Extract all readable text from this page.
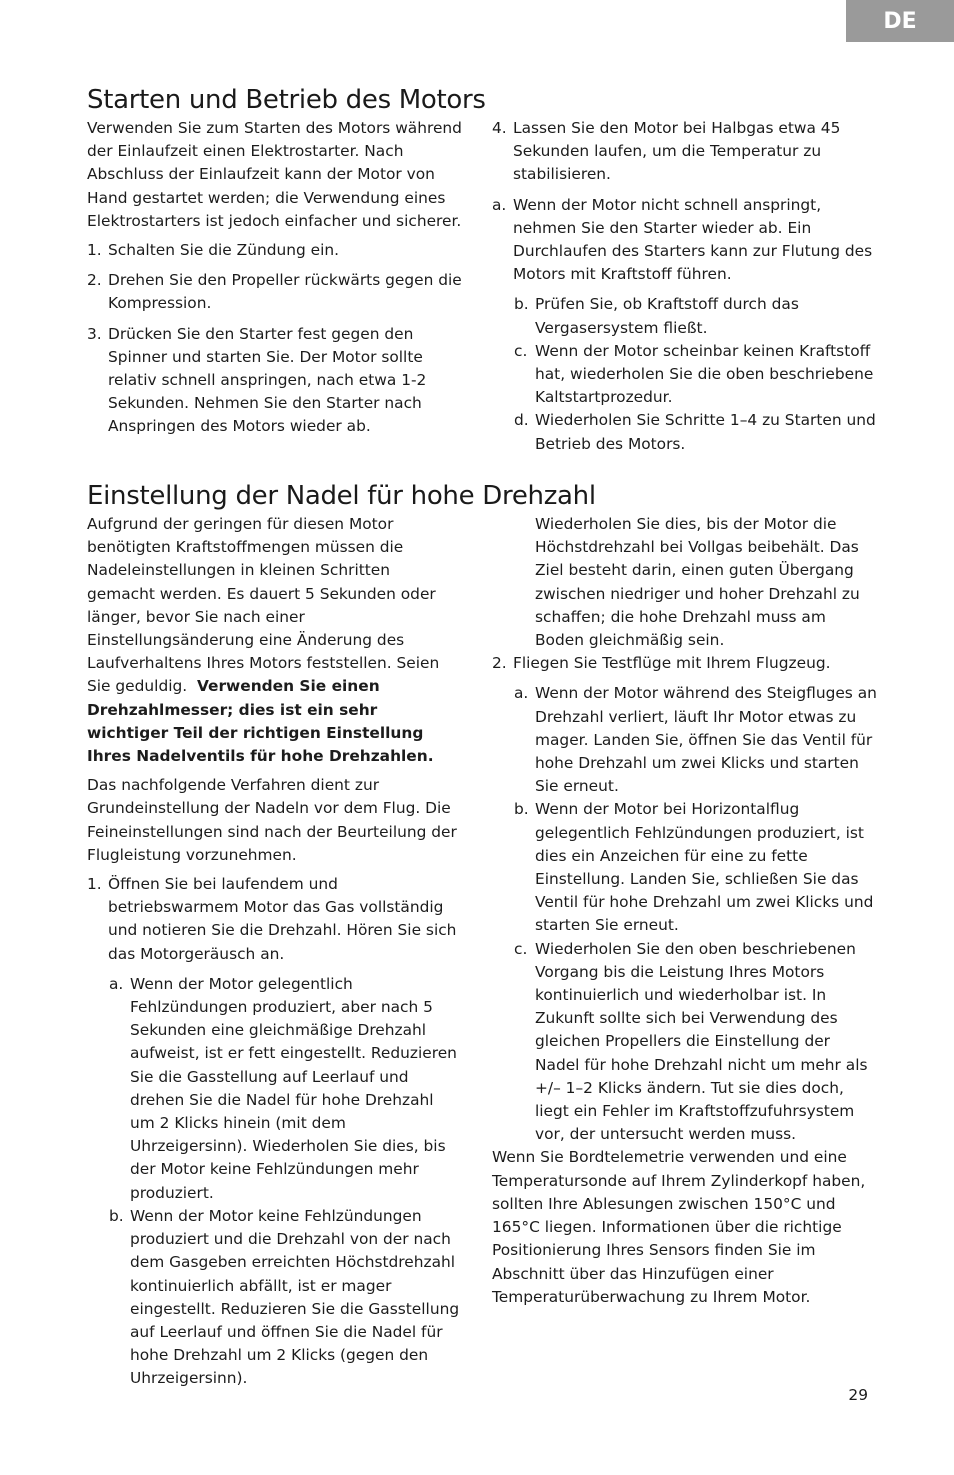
DE
Starten und Betrieb des Motors

Verwenden Sie zum Starten des Motors während der Einlaufzeit einen Elektrostarter. Nach Abschluss der Einlaufzeit kann der Motor von Hand gestartet werden; die Verwendung eines Elektrostarters ist jedoch einfacher und sicherer.

1. Schalten Sie die Zündung ein.
2. Drehen Sie den Propeller rückwärts gegen die Kompression.
3. Drücken Sie den Starter fest gegen den Spinner und starten Sie. Der Motor sollte relativ schnell anspringen, nach etwa 1-2 Sekunden. Nehmen Sie den Starter nach Anspringen des Motors wieder ab.
4. Lassen Sie den Motor bei Halbgas etwa 45 Sekunden laufen, um die Temperatur zu stabilisieren.
a. Wenn der Motor nicht schnell anspringt, nehmen Sie den Starter wieder ab. Ein Durchlaufen des Starters kann zur Flutung des Motors mit Kraftstoff führen.
b. Prüfen Sie, ob Kraftstoff durch das Vergasersystem fließt.
c. Wenn der Motor scheinbar keinen Kraftstoff hat, wiederholen Sie die oben beschriebene Kaltstartprozedur.
d. Wiederholen Sie Schritte 1–4 zu Starten und Betrieb des Motors.
Einstellung der Nadel für hohe Drehzahl

Aufgrund der geringen für diesen Motor benötigten Kraftstoffmengen müssen die Nadeleinstellungen in kleinen Schritten gemacht werden. Es dauert 5 Sekunden oder länger, bevor Sie nach einer Einstellungsänderung eine Änderung des Laufverhaltens Ihres Motors feststellen. Seien Sie geduldig. Verwenden Sie einen Drehzahlmesser; dies ist ein sehr wichtiger Teil der richtigen Einstellung Ihres Nadelventils für hohe Drehzahlen.

Das nachfolgende Verfahren dient zur Grundeinstellung der Nadeln vor dem Flug. Die Feineinstellungen sind nach der Beurteilung der Flugleistung vorzunehmen.

1. Öffnen Sie bei laufendem und betriebswarmem Motor das Gas vollständig und notieren Sie die Drehzahl. Hören Sie sich das Motorgeräusch an.
a. Wenn der Motor gelegentlich Fehlzündungen produziert, aber nach 5 Sekunden eine gleichmäßige Drehzahl aufweist, ist er fett eingestellt. Reduzieren Sie die Gasstellung auf Leerlauf und drehen Sie die Nadel für hohe Drehzahl um 2 Klicks hinein (mit dem Uhrzeigersinn). Wiederholen Sie dies, bis der Motor keine Fehlzündungen mehr produziert.
b. Wenn der Motor keine Fehlzündungen produziert und die Drehzahl von der nach dem Gasgeben erreichten Höchstdrehzahl kontinuierlich abfällt, ist er mager eingestellt. Reduzieren Sie die Gasstellung auf Leerlauf und öffnen Sie die Nadel für hohe Drehzahl um 2 Klicks (gegen den Uhrzeigersinn).
Wiederholen Sie dies, bis der Motor die Höchstdrehzahl bei Vollgas beibehält. Das Ziel besteht darin, einen guten Übergang zwischen niedriger und hoher Drehzahl zu schaffen; die hohe Drehzahl muss am Boden gleichmäßig sein.
2. Fliegen Sie Testflüge mit Ihrem Flugzeug.
a. Wenn der Motor während des Steigfluges an Drehzahl verliert, läuft Ihr Motor etwas zu mager. Landen Sie, öffnen Sie das Ventil für hohe Drehzahl um zwei Klicks und starten Sie erneut.
b. Wenn der Motor bei Horizontalflug gelegentlich Fehlzündungen produziert, ist dies ein Anzeichen für eine zu fette Einstellung. Landen Sie, schließen Sie das Ventil für hohe Drehzahl um zwei Klicks und starten Sie erneut.
c. Wiederholen Sie den oben beschriebenen Vorgang bis die Leistung Ihres Motors kontinuierlich und wiederholbar ist. In Zukunft sollte sich bei Verwendung des gleichen Propellers die Einstellung der Nadel für hohe Drehzahl nicht um mehr als +/– 1–2 Klicks ändern. Tut sie dies doch, liegt ein Fehler im Kraftstoffzufuhrsystem vor, der untersucht werden muss.

Wenn Sie Bordtelemetrie verwenden und eine Temperatursonde auf Ihrem Zylinderkopf haben, sollten Ihre Ablesungen zwischen 150°C und 165°C liegen. Informationen über die richtige Positionierung Ihres Sensors finden Sie im Abschnitt über das Hinzufügen einer Temperaturüberwachung zu Ihrem Motor.

29
